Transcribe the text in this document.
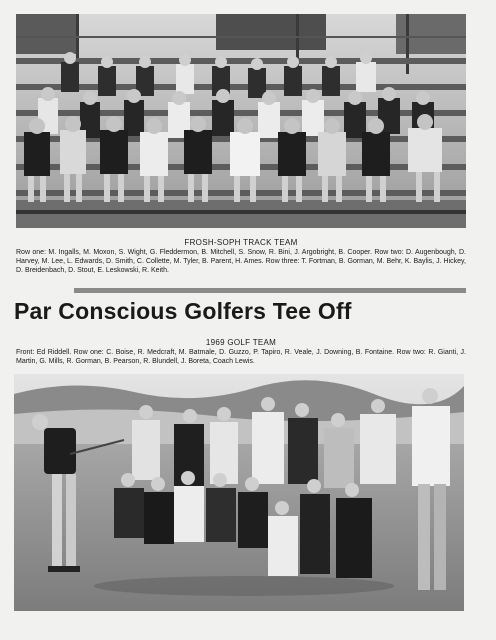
FROSH-SOPH TRACK TEAM
Row one: M. Ingalls, M. Moxon, S. Wight, G. Fleddermon, B. Mitchell, S. Snow, R. Bini, J. Argobright, B. Cooper. Row two: D. Augenbough, D. Harvey, M. Lee, L. Edwards, D. Smith, C. Collette, M. Tyler, B. Parent, H. Ames. Row three: T. Fortman, B. Gorman, M. Behr, K. Baylis, J. Hickey, D. Breidenbach, D. Stout, E. Leskowski, R. Keith.
Par Conscious Golfers Tee Off
1969 GOLF TEAM
Front: Ed Riddell. Row one: C. Boise, R. Medcraft, M. Batmale, D. Guzzo, P. Tapiro, R. Veale, J. Downing, B. Fontaine. Row two: R. Gianti, J. Martin, G. Mills, R. Gorman, B. Pearson, R. Blundell, J. Boreta, Coach Lewis.
